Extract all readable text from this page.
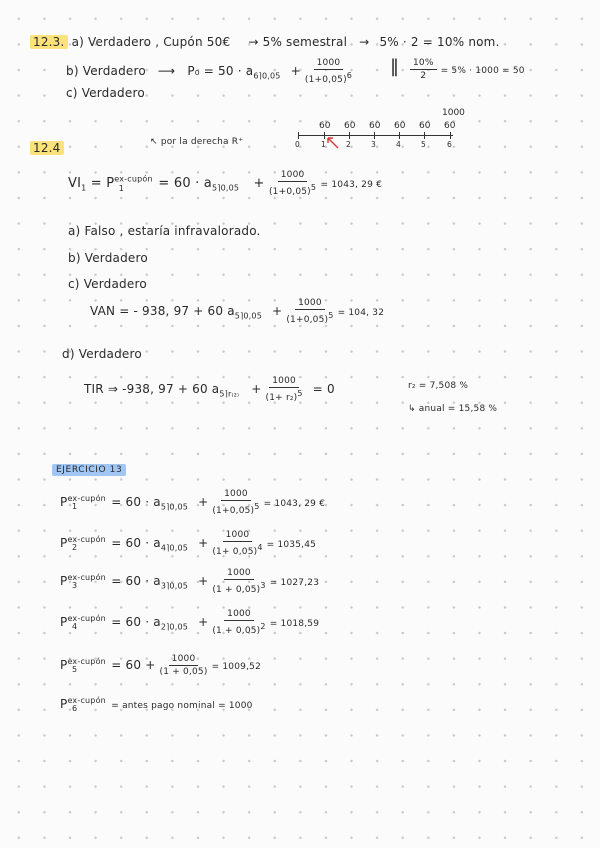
12.3. a) Verdadero , Cupón 50€ → 5% semestral → 5% · 2 = 10% nom.
b) Verdadero ⟶ $P_0 = 50 \cdot a_{6⌉0,05} + \frac{1000}{(1+0,05)6}$ ‖ $\frac{10\%}{2} = 5\% \cdot 1000 = 50$
c) Verdadero
12.4	↖ por la derecha R⁺
1000
60 60 60 60 60 60
0	1	2	3	4	5	6
$VI_1 = P^{ex-cupón}_1$	= $60 \cdot a_{5⌉0,05} + \frac{1000}{(1+0,05)5} = 1043$, 29 €
a) Falso , estaría infravalorado.
b) Verdadero
c) Verdadero
VAN = - 938, 97 + 60 $a_{5⌉0,05} + \frac{1000}{(1+0,05)5} = 104$, 32
d) Verdadero
TIR ⇒ -938, 97 + 60 $a_{5⌉r_{(2)}} + \frac{1000}{\text{(1+ r₂)5}} = 0$	r₂ = 7,508 %
↳ anual = 15,58 %
EJERCICIO 13
$P^{ex-cupón}_1$	= $60 \cdot a_{5⌉0,05} + \frac{1000}{(1+0,05)5} = 1043$, 29 €
$P^{ex-cupón}_2$	= $60 \cdot a_{4⌉0,05} + \frac{1000}{(1+ 0,05)4} = 1035,45$
$P^{ex-cupón}_3$	= $60 \cdot a_{3⌉0,05} + \frac{1000}{(1 + 0,05)3} = 1027,23$
$P^{ex-cupón}_4$	= $60 \cdot a_{2⌉0,05} + \frac{1000}{(1 + 0,05)2} = 1018,59$
$P^{ex-cupón}_5$	= $60 + \frac{1000}{(1 + 0,05)} = 1009,52$
$P^{ex-cupón}_6$	= antes pago nominal = 1000
